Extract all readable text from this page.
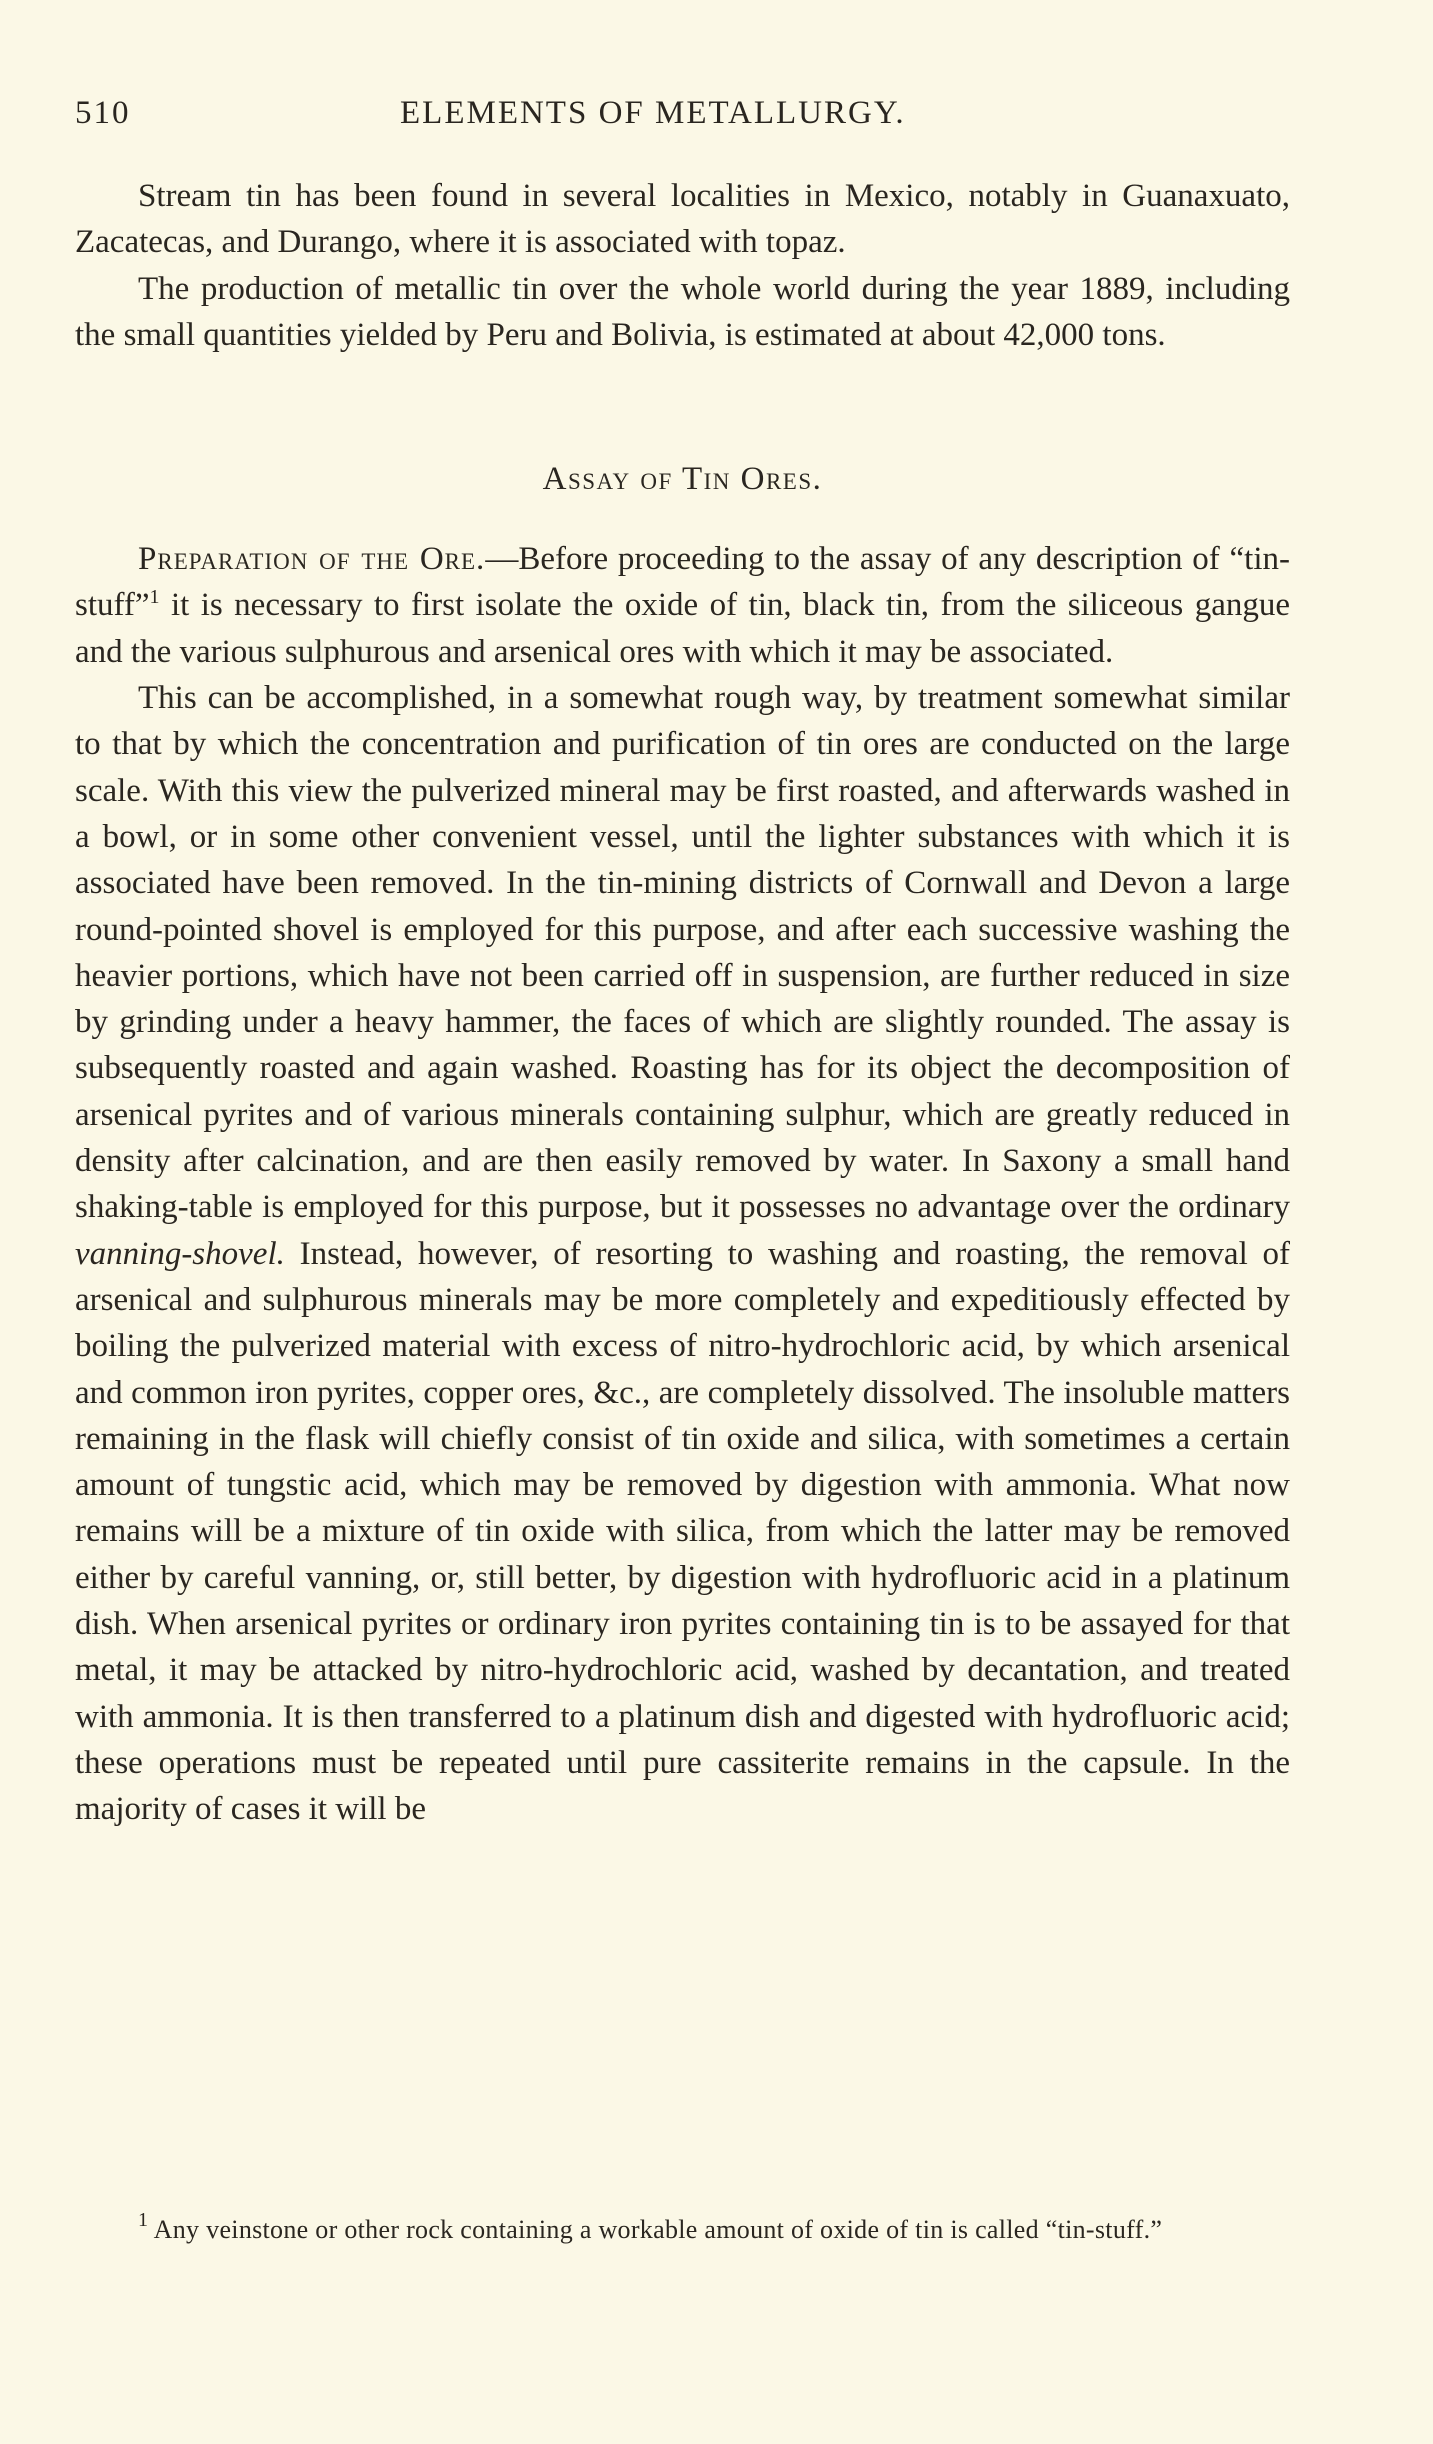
510	ELEMENTS OF METALLURGY.

Stream tin has been found in several localities in Mexico, notably in Guanaxuato, Zacatecas, and Durango, where it is associated with topaz.

The production of metallic tin over the whole world during the year 1889, including the small quantities yielded by Peru and Bolivia, is estimated at about 42,000 tons.

Assay of Tin Ores.

Preparation of the Ore.—Before proceeding to the assay of any description of “tin-stuff”$^1$ it is necessary to first isolate the oxide of tin, black tin, from the siliceous gangue and the various sulphurous and arsenical ores with which it may be associated.

This can be accomplished, in a somewhat rough way, by treatment somewhat similar to that by which the concentration and purification of tin ores are conducted on the large scale. With this view the pulverized mineral may be first roasted, and afterwards washed in a bowl, or in some other convenient vessel, until the lighter substances with which it is associated have been removed. In the tin-mining districts of Cornwall and Devon a large round-pointed shovel is employed for this purpose, and after each successive washing the heavier portions, which have not been carried off in suspension, are further reduced in size by grinding under a heavy hammer, the faces of which are slightly rounded. The assay is subsequently roasted and again washed. Roasting has for its object the decomposition of arsenical pyrites and of various minerals containing sulphur, which are greatly reduced in density after calcination, and are then easily removed by water. In Saxony a small hand shaking-table is employed for this purpose, but it possesses no advantage over the ordinary vanning-shovel. Instead, however, of resorting to washing and roasting, the removal of arsenical and sulphurous minerals may be more completely and expeditiously effected by boiling the pulverized material with excess of nitro-hydrochloric acid, by which arsenical and common iron pyrites, copper ores, &c., are completely dissolved. The insoluble matters remaining in the flask will chiefly consist of tin oxide and silica, with sometimes a certain amount of tungstic acid, which may be removed by digestion with ammonia. What now remains will be a mixture of tin oxide with silica, from which the latter may be removed either by careful vanning, or, still better, by digestion with hydrofluoric acid in a platinum dish. When arsenical pyrites or ordinary iron pyrites containing tin is to be assayed for that metal, it may be attacked by nitro-hydrochloric acid, washed by decantation, and treated with ammonia. It is then transferred to a platinum dish and digested with hydrofluoric acid; these operations must be repeated until pure cassiterite remains in the capsule. In the majority of cases it will be

$^1$ Any veinstone or other rock containing a workable amount of oxide of tin is called “tin-stuff.”
